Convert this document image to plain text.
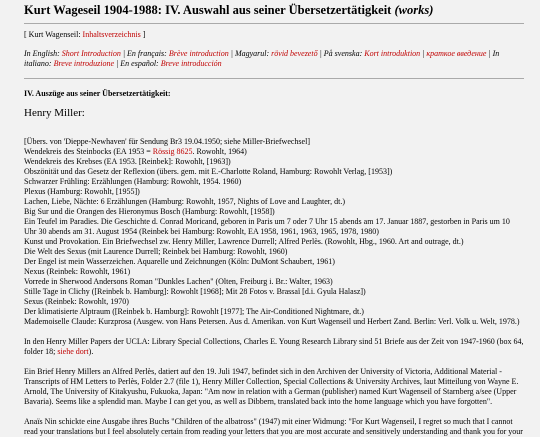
Kurt Wageseil 1904-1988: IV. Auswahl aus seiner Übersetzertätigkeit (works)

[ Kurt Wagenseil: Inhaltsverzeichnis ]

In English: Short Introduction | En français: Brève introduction | Magyarul: rövid bevezető | På svenska: Kort introduktion | краткое введение | In italiano: Breve introduzione | En español: Breve introducción

IV. Auszüge aus seiner Übersetzertätigkeit:

Henry Miller:

[Übers. von 'Dieppe-Newhaven' für Sendung Br3 19.04.1950; siehe Miller-Briefwechsel]
Wendekreis des Steinbocks (EA 1953 = Rössig 8625. Rowohlt, 1964)
Wendekreis des Krebses (EA 1953. [Reinbek]: Rowohlt, [1963])
Obszönität und das Gesetz der Reflexion (übers. gem. mit E.-Charlotte Roland, Hamburg: Rowohlt Verlag, [1953])
Schwarzer Frühling: Erzählungen (Hamburg: Rowohlt, 1954. 1960)
Plexus (Hamburg: Rowohlt, [1955])
Lachen, Liebe, Nächte: 6 Erzählungen (Hamburg: Rowohlt, 1957, Nights of Love and Laughter, dt.)
Big Sur und die Orangen des Hieronymus Bosch (Hamburg: Rowohlt, [1958])
Ein Teufel im Paradies. Die Geschichte d. Conrad Moricand, geboren in Paris um 7 oder 7 Uhr 15 abends am 17. Januar 1887, gestorben in Paris um 10
Uhr 30 abends am 31. August 1954 (Reinbek bei Hamburg: Rowohlt, EA 1958, 1961, 1963, 1965, 1978, 1980)
Kunst und Provokation. Ein Briefwechsel zw. Henry Miller, Lawrence Durrell; Alfred Perlès. (Rowohlt, Hbg., 1960. Art and outrage, dt.)
Die Welt des Sexus (mit Laurence Durrell; Reinbek bei Hamburg: Rowohlt, 1960)
Der Engel ist mein Wasserzeichen. Aquarelle und Zeichnungen (Köln: DuMont Schaubert, 1961)
Nexus (Reinbek: Rowohlt, 1961)
Vorrede in Sherwood Andersons Roman "Dunkles Lachen" (Olten, Freiburg i. Br.: Walter, 1963)
Stille Tage in Clichy ([Reinbek b. Hamburg]: Rowohlt [1968]; Mit 28 Fotos v. Brassaï [d.i. Gyula Halasz])
Sexus (Reinbek: Rowohlt, 1970)
Der klimatisierte Alptraum ([Reinbek b. Hamburg]: Rowohlt [1977]; The Air-Conditioned Nightmare, dt.)
Mademoiselle Claude: Kurzprosa (Ausgew. von Hans Petersen. Aus d. Amerikan. von Kurt Wagenseil und Herbert Zand. Berlin: Verl. Volk u. Welt, 1978.)

In den Henry Miller Papers der UCLA: Library Special Collections, Charles E. Young Research Library sind 51 Briefe aus der Zeit von 1947-1960 (box 64, folder 18; siehe dort).

Ein Brief Henry Millers an Alfred Perlès, datiert auf den 19. Juli 1947, befindet sich in den Archiven der University of Victoria, Additional Material - Transcripts of HM Letters to Perlès, Folder 2.7 (file 1), Henry Miller Collection, Special Collections & University Archives, laut Mitteilung von Wayne E. Arnold, The University of Kitakyushu, Fukuoka, Japan: "Am now in relation with a German (publisher) named Kurt Wagenseil of Starnberg a/see (Upper Bavaria). Seems like a splendid man. Maybe I can get you, as well as Dibbern, translated back into the home language which you have forgotten".

Anaïs Nin schickte eine Ausgabe ihres Buchs "Children of the albatross" (1947) mit einer Widmung: "For Kurt Wagenseil, I regret so much that I cannot read your translations but I feel absolutely certain from reading your letters that you are most accurate and sensitively understanding and thank you for your
